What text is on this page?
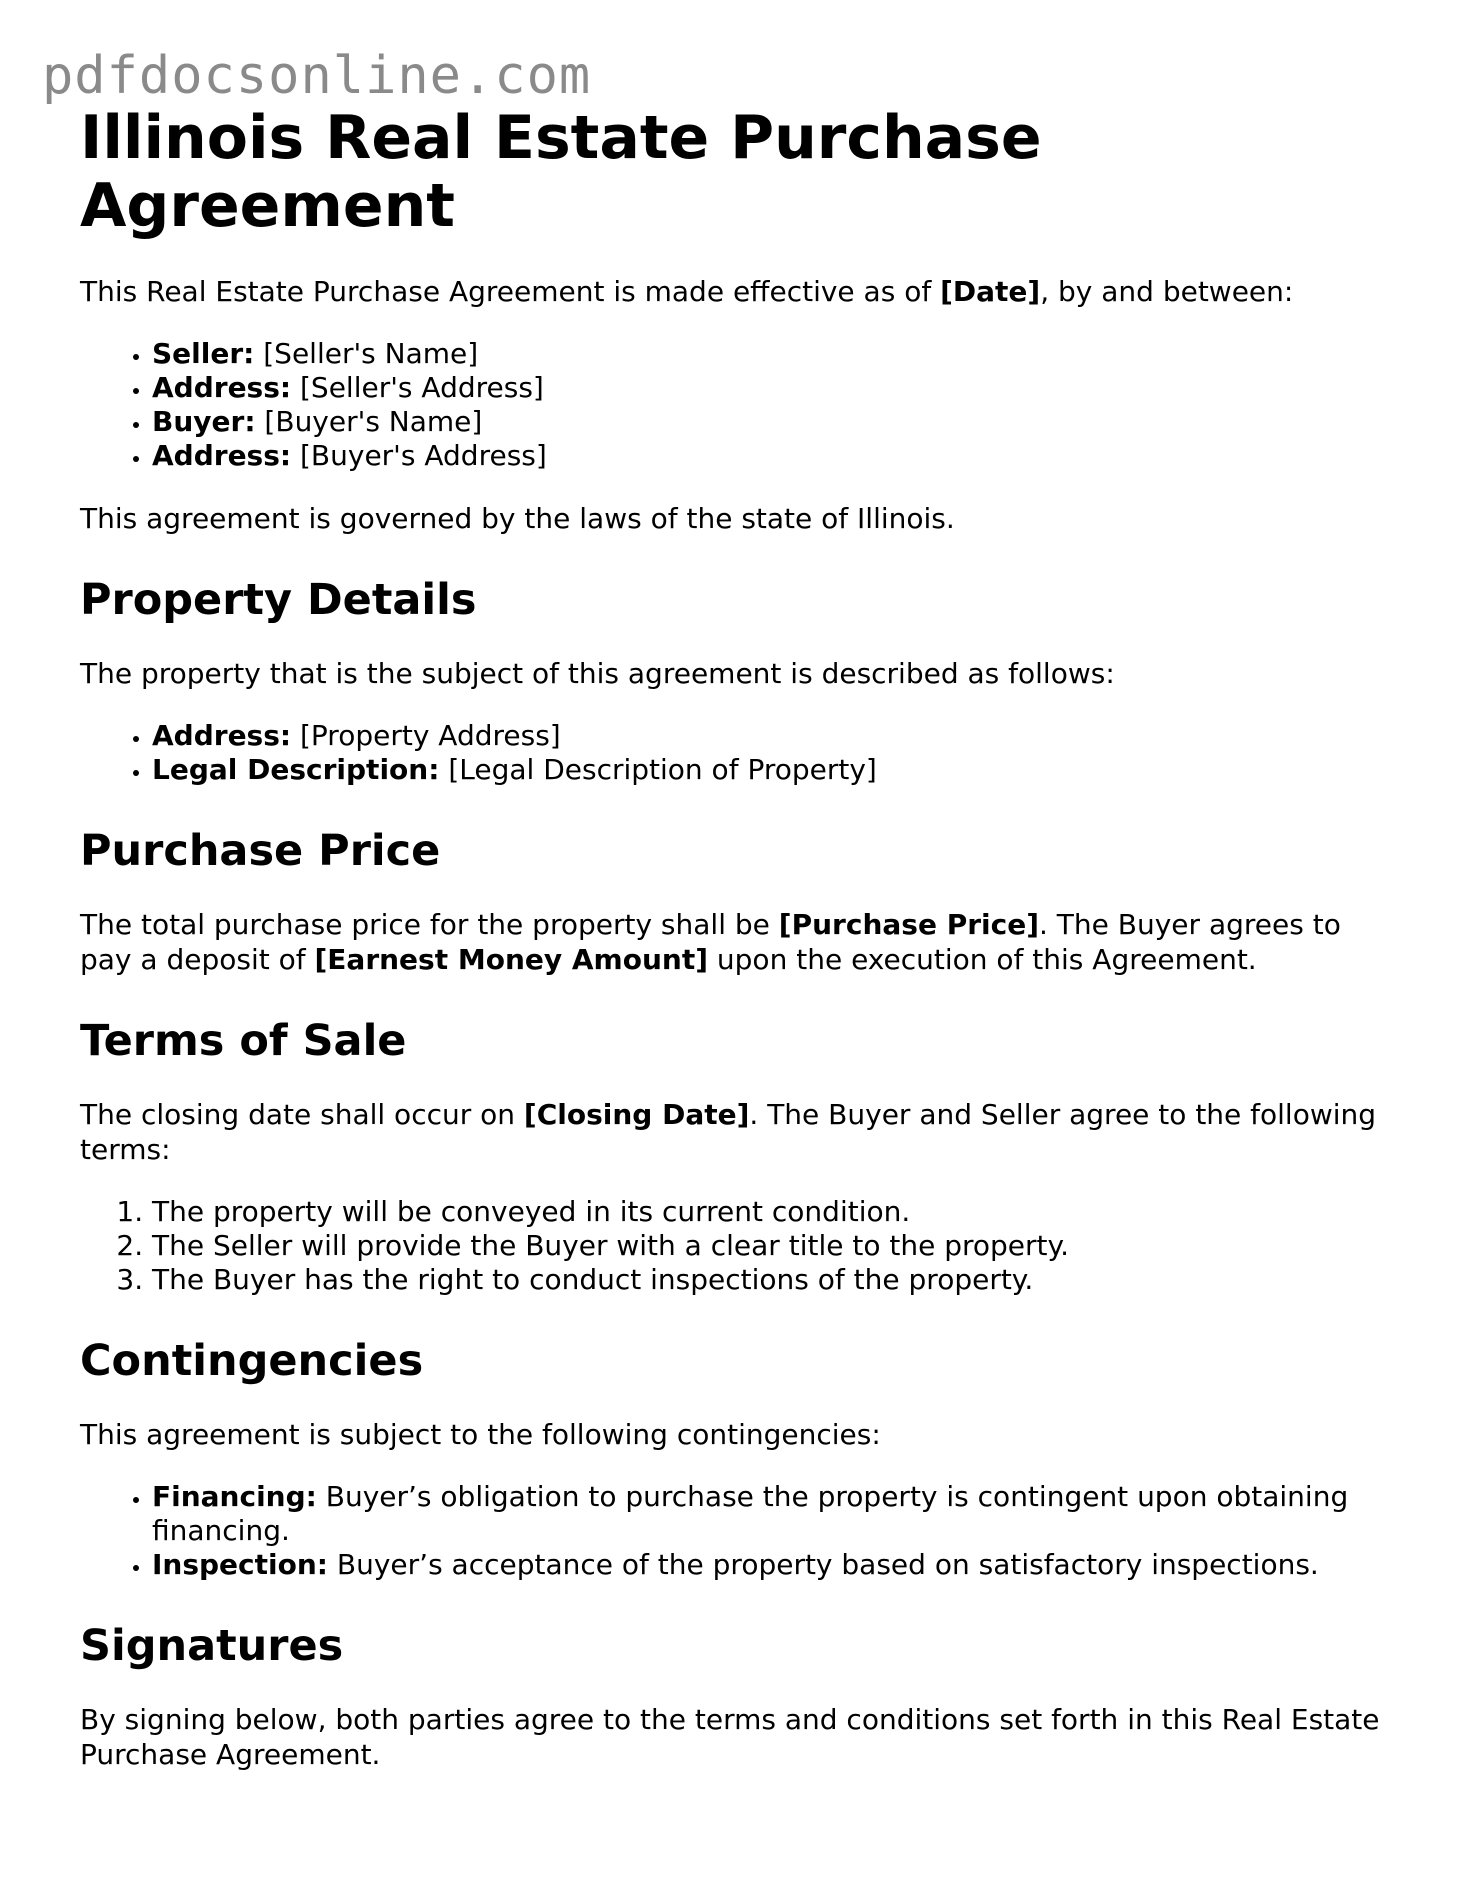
pdfdocsonline.com
Illinois Real Estate Purchase Agreement

This Real Estate Purchase Agreement is made effective as of [Date], by and between:

• Seller: [Seller's Name]
• Address: [Seller's Address]
• Buyer: [Buyer's Name]
• Address: [Buyer's Address]

This agreement is governed by the laws of the state of Illinois.

Property Details

The property that is the subject of this agreement is described as follows:

• Address: [Property Address]
• Legal Description: [Legal Description of Property]
Purchase Price

The total purchase price for the property shall be [Purchase Price]. The Buyer agrees to pay a deposit of [Earnest Money Amount] upon the execution of this Agreement.

Terms of Sale

The closing date shall occur on [Closing Date]. The Buyer and Seller agree to the following terms:

1. The property will be conveyed in its current condition.
2. The Seller will provide the Buyer with a clear title to the property.
3. The Buyer has the right to conduct inspections of the property.
Contingencies

This agreement is subject to the following contingencies:

• Financing: Buyer’s obligation to purchase the property is contingent upon obtaining financing.
• Inspection: Buyer’s acceptance of the property based on satisfactory inspections.
Signatures

By signing below, both parties agree to the terms and conditions set forth in this Real Estate Purchase Agreement.
